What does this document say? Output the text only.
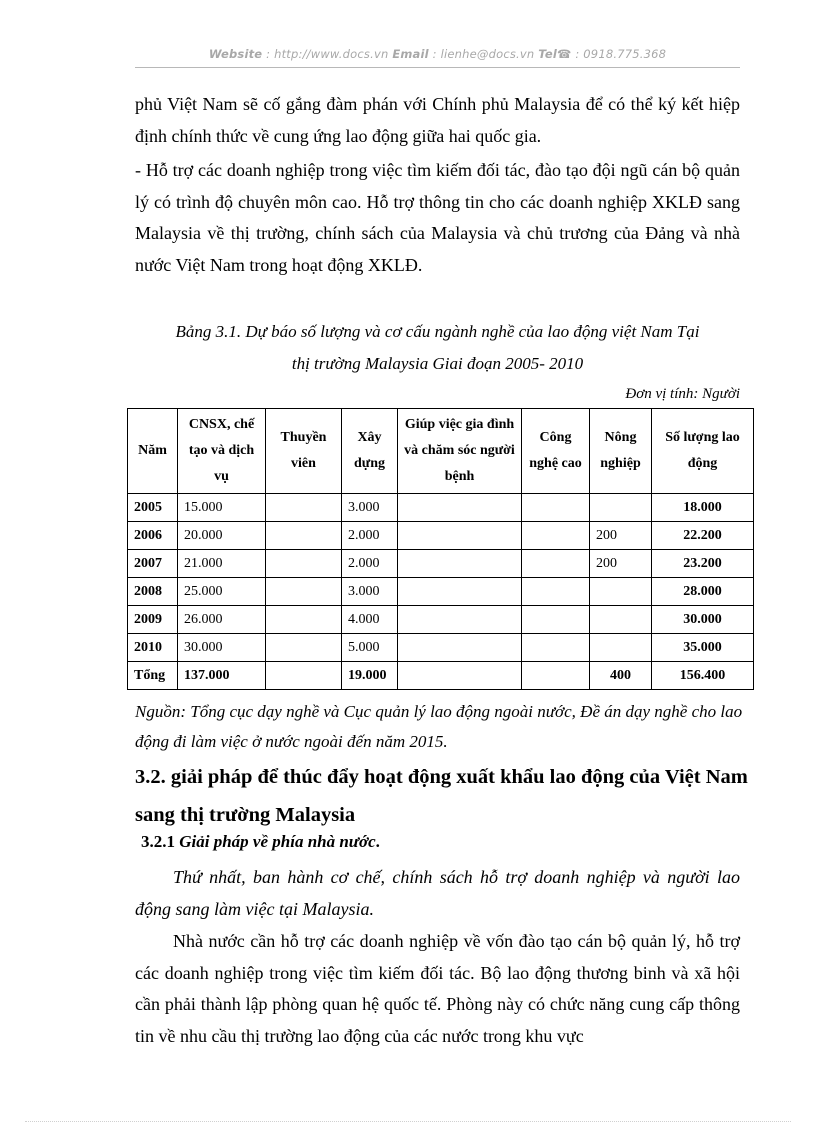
Website : http://www.docs.vn Email : lienhe@docs.vn Tel☎ : 0918.775.368
phủ Việt Nam sẽ cố gắng đàm phán với Chính phủ Malaysia để có thể ký kết hiệp định chính thức về cung ứng lao động giữa hai quốc gia.
- Hỗ trợ các doanh nghiệp trong việc tìm kiếm đối tác, đào tạo đội ngũ cán bộ quản lý có trình độ chuyên môn cao. Hỗ trợ thông tin cho các doanh nghiệp XKLĐ sang Malaysia về thị trường, chính sách của Malaysia và chủ trương của Đảng và nhà nước Việt Nam trong hoạt động XKLĐ.
Bảng 3.1. Dự báo số lượng và cơ cấu ngành nghề của lao động việt Nam Tại
thị trường Malaysia Giai đoạn 2005- 2010
Đơn vị tính: Người
Năm	CNSX, chế tạo và dịch vụ	Thuyền viên	Xây dựng	Giúp việc gia đình và chăm sóc người bệnh	Công nghệ cao	Nông nghiệp	Số lượng lao động
2005	15.000		3.000				18.000
2006	20.000		2.000			200	22.200
2007	21.000		2.000			200	23.200
2008	25.000		3.000				28.000
2009	26.000		4.000				30.000
2010	30.000		5.000				35.000
Tổng	137.000		19.000			400	156.400
Nguồn: Tổng cục dạy nghề và Cục quản lý lao động ngoài nước, Đề án dạy nghề cho lao động đi làm việc ở nước ngoài đến năm 2015.
3.2. giải pháp để thúc đẩy hoạt động xuất khẩu lao động của Việt Nam sang thị trường Malaysia
3.2.1 Giải pháp về phía nhà nước.
Thứ nhất, ban hành cơ chế, chính sách hỗ trợ doanh nghiệp và người lao động sang làm việc tại Malaysia.
Nhà nước cần hỗ trợ các doanh nghiệp về vốn đào tạo cán bộ quản lý, hỗ trợ các doanh nghiệp trong việc tìm kiếm đối tác. Bộ lao động thương binh và xã hội cần phải thành lập phòng quan hệ quốc tế. Phòng này có chức năng cung cấp thông tin về nhu cầu thị trường lao động của các nước trong khu vực
